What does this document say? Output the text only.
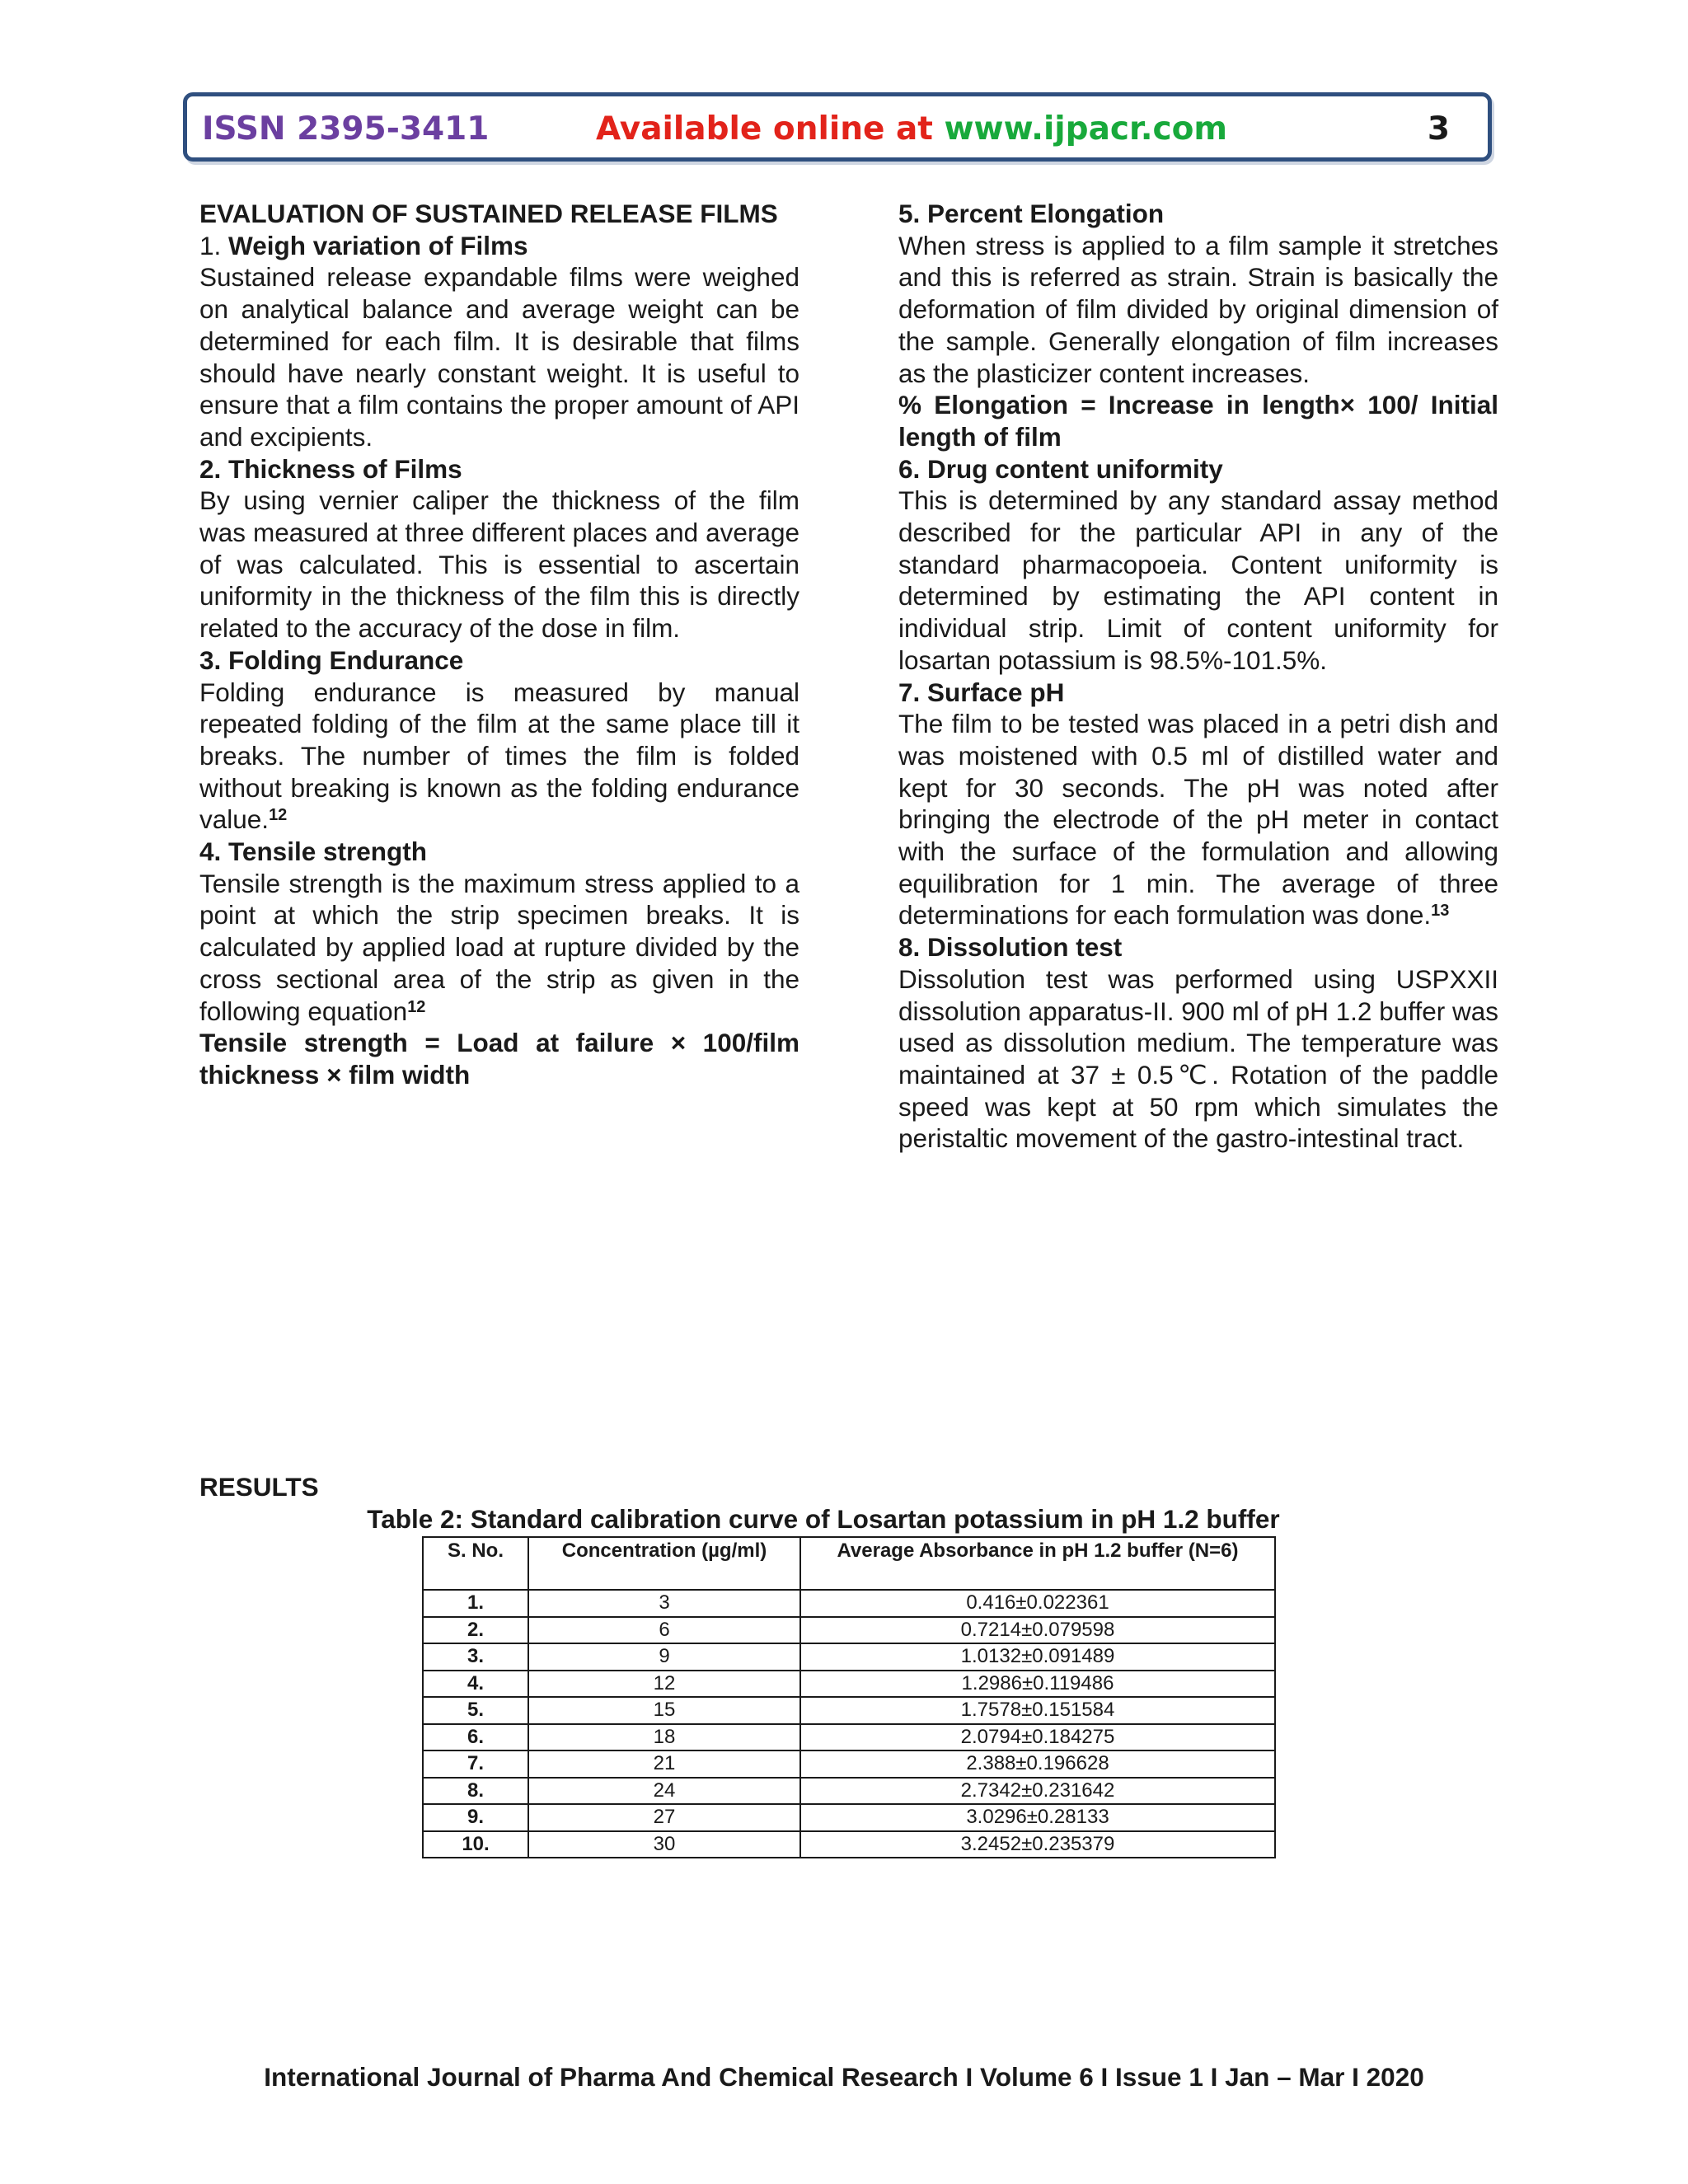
ISSN 2395-3411	Available online at www.ijpacr.com	3

EVALUATION OF SUSTAINED RELEASE FILMS

1. Weigh variation of Films

Sustained release expandable films were weighed on analytical balance and average weight can be determined for each film. It is desirable that films should have nearly constant weight. It is useful to ensure that a film contains the proper amount of API and excipients.

2. Thickness of Films

By using vernier caliper the thickness of the film was measured at three different places and average of was calculated. This is essential to ascertain uniformity in the thickness of the film this is directly related to the accuracy of the dose in film.

3. Folding Endurance

Folding endurance is measured by manual repeated folding of the film at the same place till it breaks. The number of times the film is folded without breaking is known as the folding endurance value.$^{12}$

4. Tensile strength

Tensile strength is the maximum stress applied to a point at which the strip specimen breaks. It is calculated by applied load at rupture divided by the cross sectional area of the strip as given in the following equation$^{12}$

Tensile strength = Load at failure × 100/film thickness × film width

5. Percent Elongation

When stress is applied to a film sample it stretches and this is referred as strain. Strain is basically the deformation of film divided by original dimension of the sample. Generally elongation of film increases as the plasticizer content increases.

% Elongation = Increase in length× 100/ Initial length of film

6. Drug content uniformity

This is determined by any standard assay method described for the particular API in any of the standard pharmacopoeia. Content uniformity is determined by estimating the API content in individual strip. Limit of content uniformity for losartan potassium is 98.5%-101.5%.

7. Surface pH

The film to be tested was placed in a petri dish and was moistened with 0.5 ml of distilled water and kept for 30 seconds. The pH was noted after bringing the electrode of the pH meter in contact with the surface of the formulation and allowing equilibration for 1 min. The average of three determinations for each formulation was done.$^{13}$

8. Dissolution test

Dissolution test was performed using USPXXII dissolution apparatus-II. 900 ml of pH 1.2 buffer was used as dissolution medium. The temperature was maintained at 37 ± 0.5℃. Rotation of the paddle speed was kept at 50 rpm which simulates the peristaltic movement of the gastro-intestinal tract.

RESULTS
Table 2: Standard calibration curve of Losartan potassium in pH 1.2 buffer
S. No.	Concentration (µg/ml)	Average Absorbance in pH 1.2 buffer (N=6)
1.	3	0.416±0.022361
2.	6	0.7214±0.079598
3.	9	1.0132±0.091489
4.	12	1.2986±0.119486
5.	15	1.7578±0.151584
6.	18	2.0794±0.184275
7.	21	2.388±0.196628
8.	24	2.7342±0.231642
9.	27	3.0296±0.28133
10.	30	3.2452±0.235379
International Journal of Pharma And Chemical Research I Volume 6 I Issue 1 I Jan – Mar I 2020
